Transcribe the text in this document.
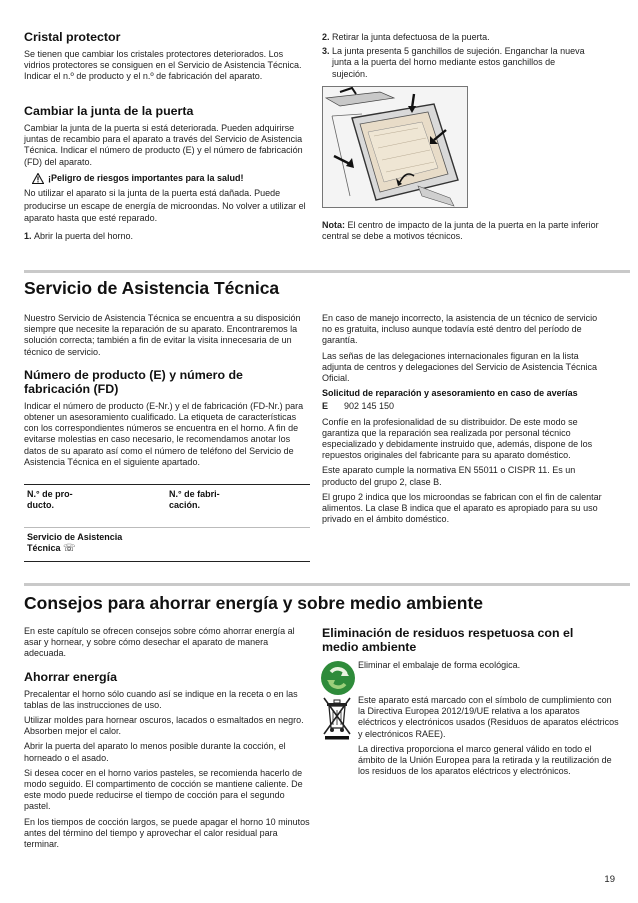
Cristal protector

Se tienen que cambiar los cristales protectores deteriorados. Los vidrios protectores se consiguen en el Servicio de Asistencia Técnica. Indicar el n.º de producto y el n.º de fabricación del aparato.

Cambiar la junta de la puerta

Cambiar la junta de la puerta si está deteriorada. Pueden adquirirse juntas de recambio para el aparato a través del Servicio de Asistencia Técnica. Indicar el número de producto (E) y el número de fabricación (FD) del aparato.

¡Peligro de riesgos importantes para la salud!

No utilizar el aparato si la junta de la puerta está dañada. Puede producirse un escape de energía de microondas. No volver a utilizar el aparato hasta que esté reparado.

1. Abrir la puerta del horno.
2. Retirar la junta defectuosa de la puerta.
3. La junta presenta 5 ganchillos de sujeción. Enganchar la nueva junta a la puerta del horno mediante estos ganchillos de sujeción.

Nota: El centro de impacto de la junta de la puerta en la parte inferior central se debe a motivos técnicos.

Servicio de Asistencia Técnica

Nuestro Servicio de Asistencia Técnica se encuentra a su disposición siempre que necesite la reparación de su aparato. Encontraremos la solución correcta; también a fin de evitar la visita innecesaria de un técnico de servicio.

Número de producto (E) y número de fabricación (FD)

Indicar el número de producto (E-Nr.) y el de fabricación (FD-Nr.) para obtener un asesoramiento cualificado. La etiqueta de características con los correspondientes números se encuentra en el horno. A fin de evitarse molestias en caso necesario, le recomendamos anotar los datos de su aparato así como el número de teléfono del Servicio de Asistencia Técnica en el siguiente apartado.

N.° de pro-ducto.
N.° de fabri-cación.
Servicio de Asistencia Técnica ☏

En caso de manejo incorrecto, la asistencia de un técnico de servicio no es gratuita, incluso aunque todavía esté dentro del período de garantía.

Las señas de las delegaciones internacionales figuran en la lista adjunta de centros y delegaciones del Servicio de Asistencia Técnica Oficial.

Solicitud de reparación y asesoramiento en caso de averías

E	902 145 150

Confíe en la profesionalidad de su distribuidor. De este modo se garantiza que la reparación sea realizada por personal técnico especializado y debidamente instruido que, además, dispone de los repuestos originales del fabricante para su aparato doméstico.

Este aparato cumple la normativa EN 55011 o CISPR 11. Es un producto del grupo 2, clase B.

El grupo 2 indica que los microondas se fabrican con el fin de calentar alimentos. La clase B indica que el aparato es apropiado para su uso privado en el ámbito doméstico.

Consejos para ahorrar energía y sobre medio ambiente

En este capítulo se ofrecen consejos sobre cómo ahorrar energía al asar y hornear, y sobre cómo desechar el aparato de manera adecuada.

Ahorrar energía

Precalentar el horno sólo cuando así se indique en la receta o en las tablas de las instrucciones de uso.

Utilizar moldes para hornear oscuros, lacados o esmaltados en negro. Absorben mejor el calor.

Abrir la puerta del aparato lo menos posible durante la cocción, el horneado o el asado.

Si desea cocer en el horno varios pasteles, se recomienda hacerlo de modo seguido. El compartimento de cocción se mantiene caliente. De este modo puede reducirse el tiempo de cocción para el segundo pastel.

En los tiempos de cocción largos, se puede apagar el horno 10 minutos antes del término del tiempo y aprovechar el calor residual para terminar.

Eliminación de residuos respetuosa con el medio ambiente

Eliminar el embalaje de forma ecológica.

Este aparato está marcado con el símbolo de cumplimiento con la Directiva Europea 2012/19/UE relativa a los aparatos eléctricos y electrónicos usados (Residuos de aparatos eléctricos y electrónicos RAEE).

La directiva proporciona el marco general válido en todo el ámbito de la Unión Europea para la retirada y la reutilización de los residuos de los aparatos eléctricos y electrónicos.

19
